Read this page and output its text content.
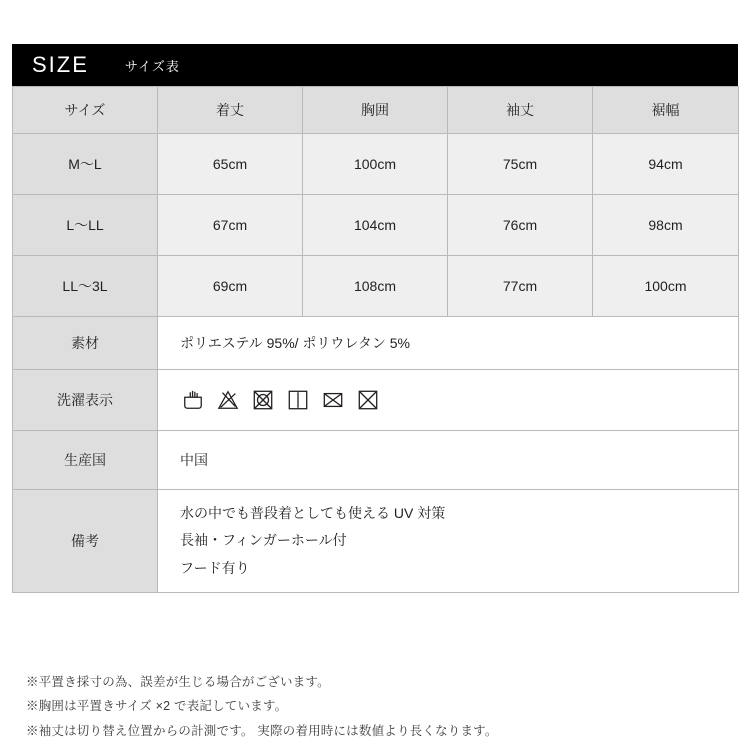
SIZE	サイズ表
サイズ	着丈	胸囲	袖丈	裾幅
M〜L	65cm	100cm	75cm	94cm
L〜LL	67cm	104cm	76cm	98cm
LL〜3L	69cm	108cm	77cm	100cm
素材	ポリエステル 95%/ ポリウレタン 5%			
洗濯表示	

生産国	中国			
備考	水の中でも普段着としても使える UV 対策
長袖・フィンガーホール付
フード有り			
※平置き採寸の為、誤差が生じる場合がございます。
※胸囲は平置きサイズ ×2 で表記しています。
※袖丈は切り替え位置からの計測です。 実際の着用時には数値より長くなります。
